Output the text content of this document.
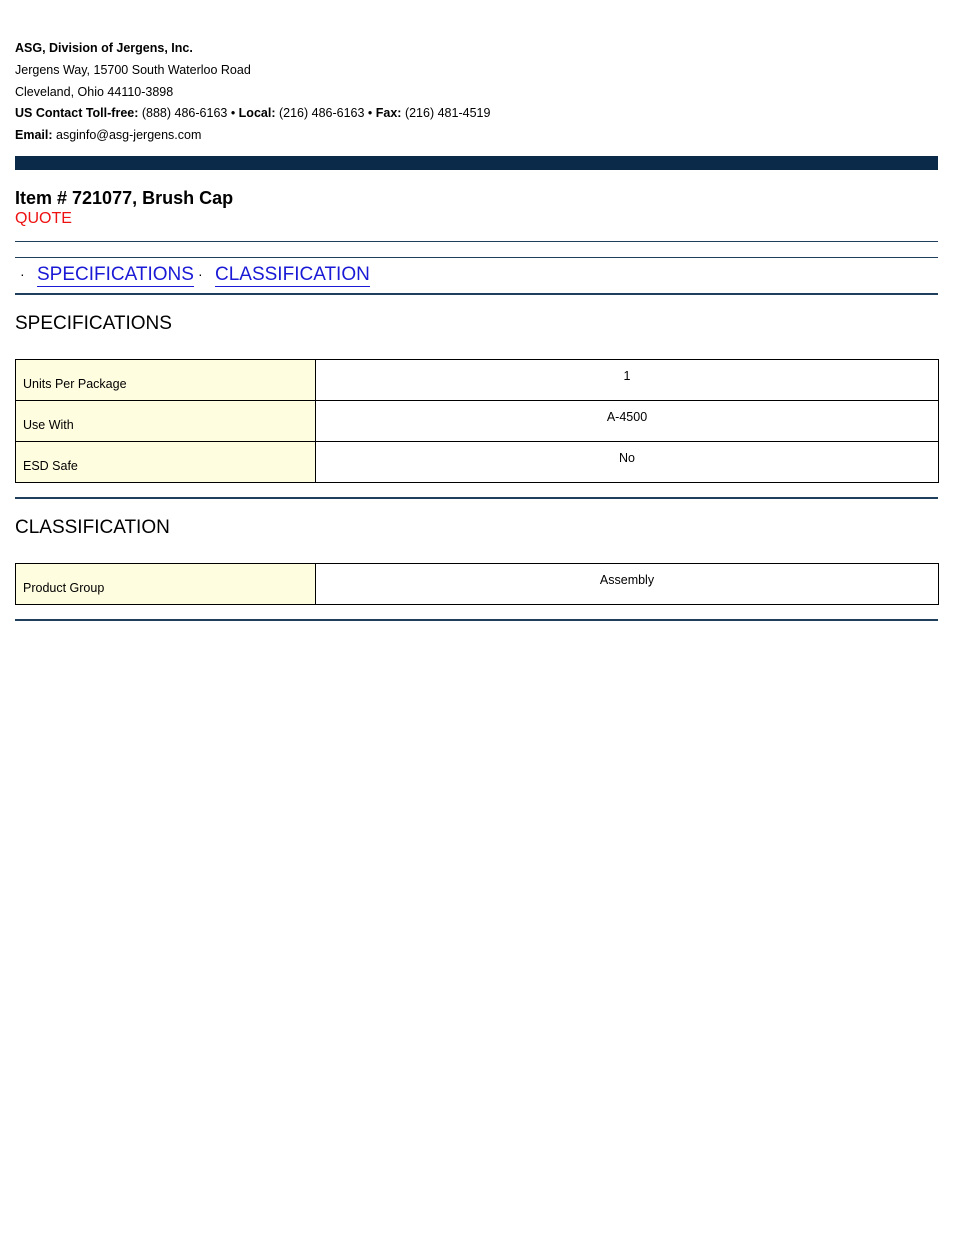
ASG, Division of Jergens, Inc.
Jergens Way, 15700 South Waterloo Road
Cleveland, Ohio 44110-3898
US Contact Toll-free: (888) 486-6163 • Local: (216) 486-6163 • Fax: (216) 481-4519
Email: asginfo@asg-jergens.com
Item # 721077, Brush Cap
QUOTE
· SPECIFICATIONS · CLASSIFICATION
SPECIFICATIONS
Units Per Package	1
Use With	A-4500
ESD Safe	No
CLASSIFICATION
Product Group	Assembly
